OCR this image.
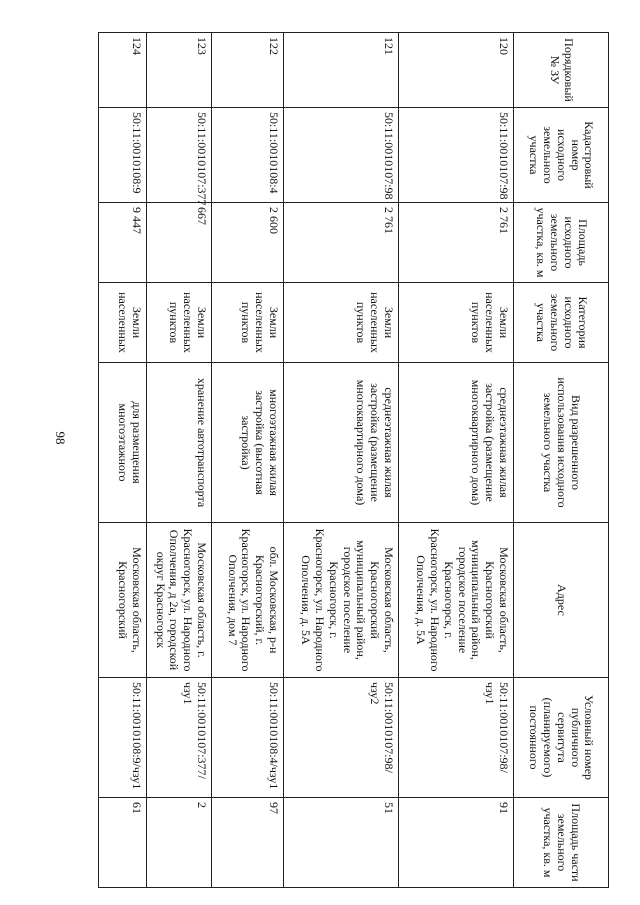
98
Порядковый № ЗУ	Кадастровый номер исходного земельного участка	Площадь исходного земельного участка, кв. м	Категория исходного земельного участка	Вид разрешенного использования исходного земельного участка	Адрес	Условный номер публичного сервитута (планируемого) постоянного	Площадь части земельного участка, кв. м
120	50:11:0010107:98	2 761	Земли населенных пунктов	среднеэтажная жилая застройка (размещение многоквартирного дома)	Московская область, Красногорский муниципальный район, городское поселение Красногорск, г. Красногорск, ул. Народного Ополчения, д. 5А	50:11:0010107:98/чзу1	91
121	50:11:0010107:98	2 761	Земли населенных пунктов	среднеэтажная жилая застройка (размещение многоквартирного дома)	Московская область, Красногорский муниципальный район, городское поселение Красногорск, г. Красногорск, ул. Народного Ополчения, д. 5А	50:11:0010107:98/чзу2	51
122	50:11:0010108:4	2 600	Земли населенных пунктов	многоэтажная жилая застройка (высотная застройка)	обл. Московская, р-н Красногорский, г. Красногорск, ул. Народного Ополчения, дом 7	50:11:0010108:4/чзу1	97
123	50:11:0010107:377	667	Земли населенных пунктов	хранение автотранспорта	Московская область, г. Красногорск, ул. Народного Ополчения, д 2а, городской округ Красногорск	50:11:0010107:377/чзу1	2
124	50:11:0010108:9	9 447	Земли населенных	для размещения многоэтажного	Московская область, Красногорский	50:11:0010108:9/чзу1	61
